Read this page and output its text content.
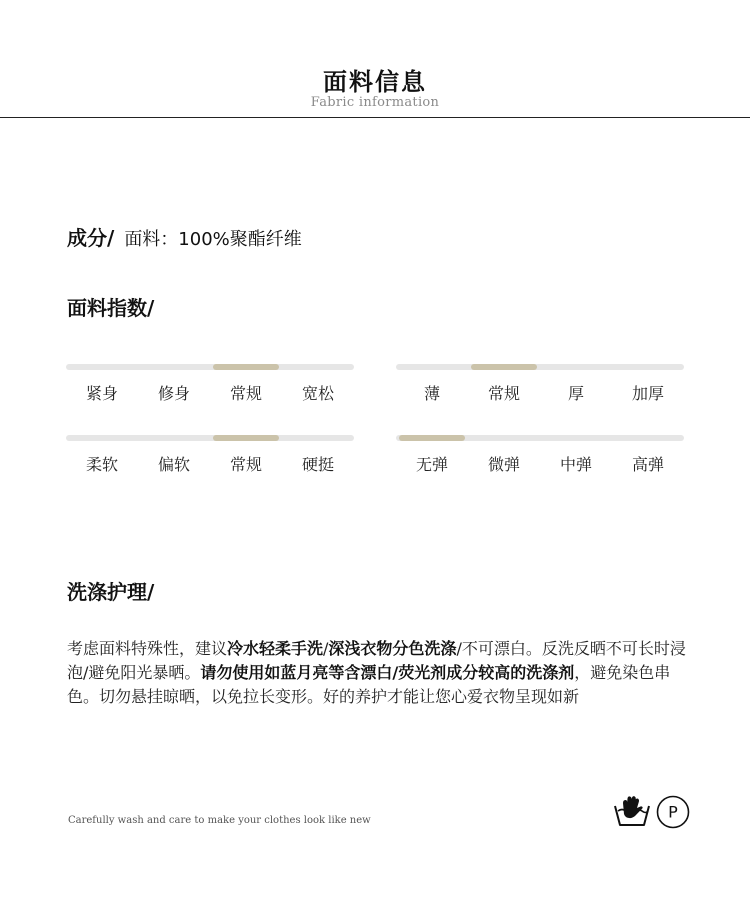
面料信息
Fabric information
成分/ 面料：100%聚酯纤维
面料指数/
紧身	修身	常规	宽松	薄	常规	厚	加厚
柔软	偏软	常规	硬挺	无弹	微弹	中弹	高弹
洗涤护理/
考虑面料特殊性，建议冷水轻柔手洗/深浅衣物分色洗涤/不可漂白。反洗反晒不可长时浸泡/避免阳光暴晒。请勿使用如蓝月亮等含漂白/荧光剂成分较高的洗涤剂，避免染色串色。切勿悬挂晾晒，以免拉长变形。好的养护才能让您心爱衣物呈现如新
Carefully wash and care to make your clothes look like new	P
